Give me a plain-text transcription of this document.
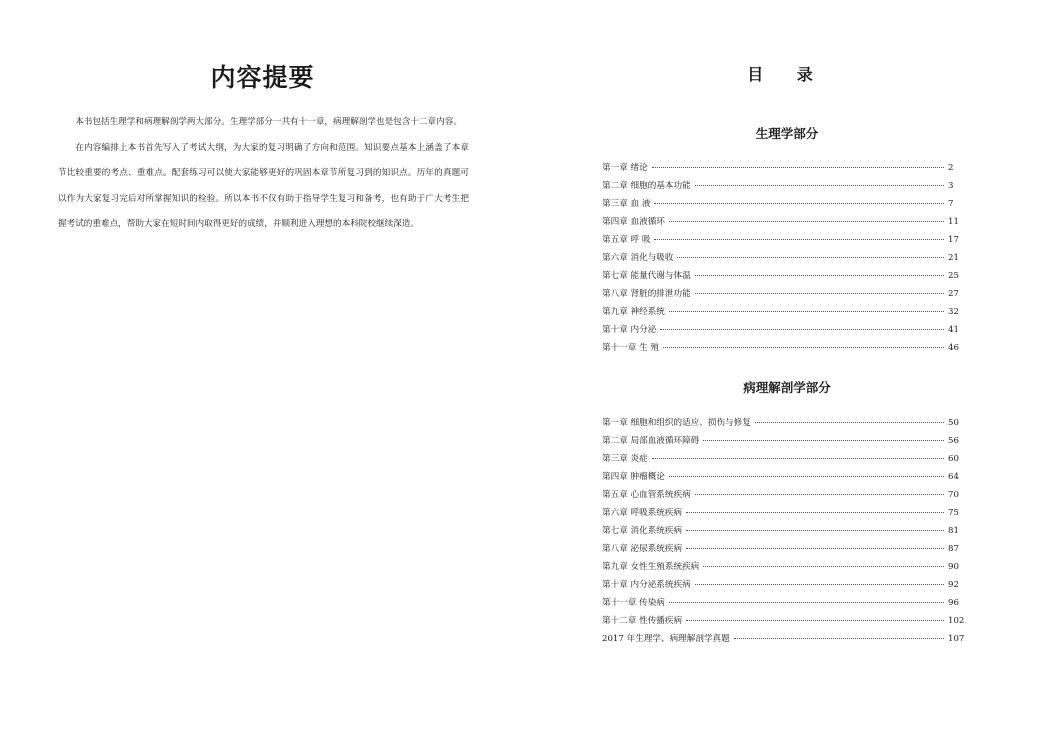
内容提要

本书包括生理学和病理解剖学两大部分。生理学部分一共有十一章，病理解剖学也是包含十二章内容。

在内容编排上本书首先写入了考试大纲，为大家的复习明确了方向和范围。知识要点基本上涵盖了本章节比较重要的考点、重难点。配套练习可以使大家能够更好的巩固本章节所复习到的知识点。历年的真题可以作为大家复习完后对所掌握知识的检验。所以本书不仅有助于指导学生复习和备考，也有助于广大考生把握考试的重难点，帮助大家在短时间内取得更好的成绩，并顺利进入理想的本科院校继续深造。

目 录
生理学部分
第一章 绪论	2
第二章 细胞的基本功能	3
第三章 血 液	7
第四章 血液循环	11
第五章 呼 吸	17
第六章 消化与吸收	21
第七章 能量代谢与体温	25
第八章 肾脏的排泄功能	27
第九章 神经系统	32
第十章 内分泌	41
第十一章 生 殖	46
病理解剖学部分
第一章 细胞和组织的适应、损伤与修复	50
第二章 局部血液循环障碍	56
第三章 炎症	60
第四章 肿瘤概论	64
第五章 心血管系统疾病	70
第六章 呼吸系统疾病	75
第七章 消化系统疾病	81
第八章 泌尿系统疾病	87
第九章 女性生殖系统疾病	90
第十章 内分泌系统疾病	92
第十一章 传染病	96
第十二章 性传播疾病	102
2017 年生理学、病理解剖学真题	107
